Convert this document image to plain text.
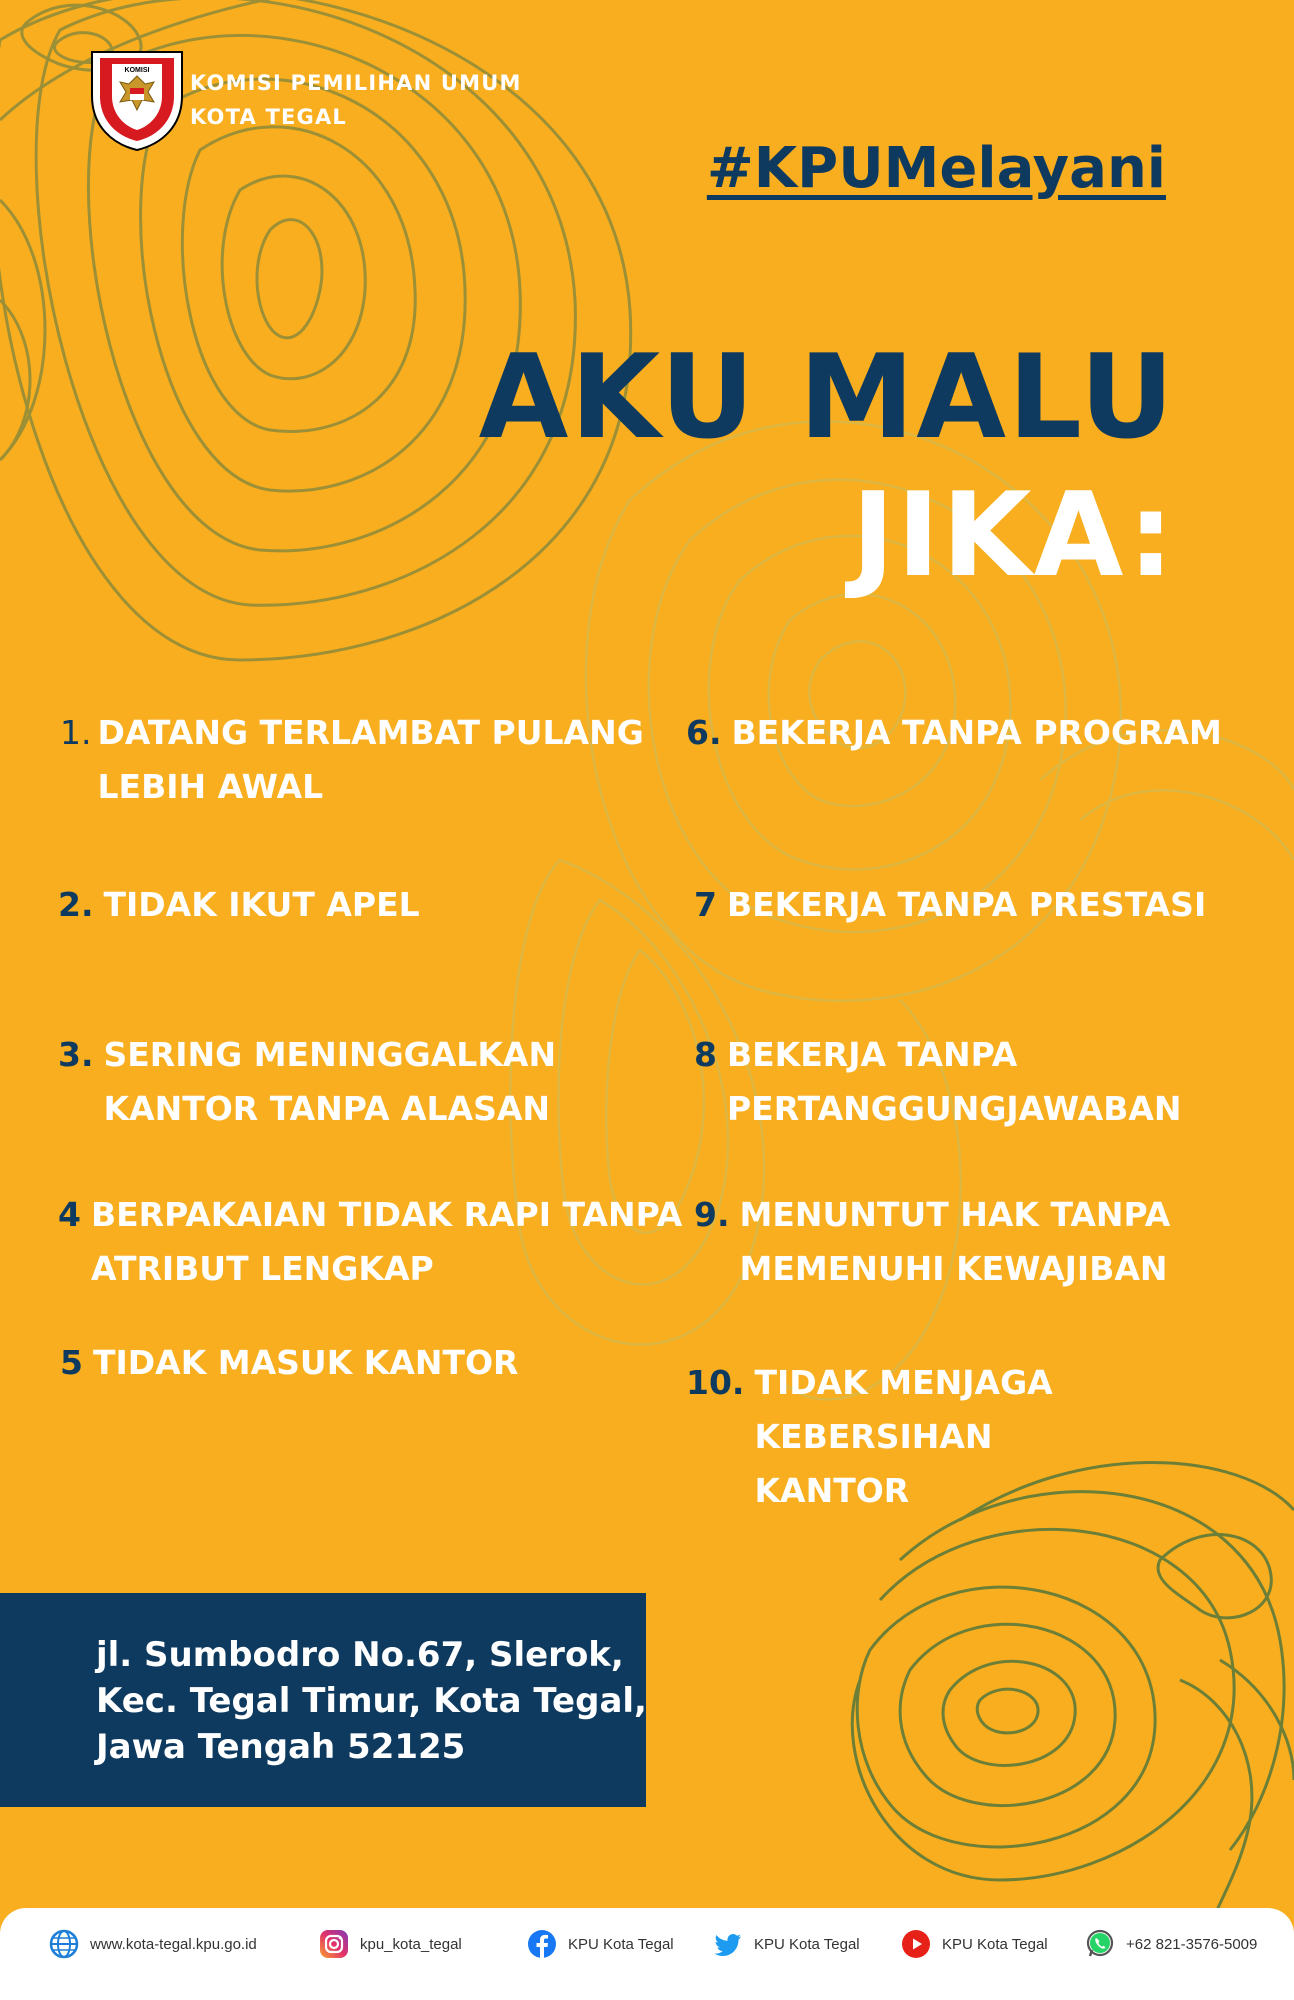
KOMISI
KOMISI PEMILIHAN UMUM
KOTA TEGAL
#KPUMelayani
AKU MALU
JIKA:
1. DATANG TERLAMBAT PULANG
LEBIH AWAL
2. TIDAK IKUT APEL
3. SERING MENINGGALKAN
KANTOR TANPA ALASAN
4 BERPAKAIAN TIDAK RAPI TANPA
ATRIBUT LENGKAP
5 TIDAK MASUK KANTOR
6. BEKERJA TANPA PROGRAM
7 BEKERJA TANPA PRESTASI
8 BEKERJA TANPA
PERTANGGUNGJAWABAN
9. MENUNTUT HAK TANPA
MEMENUHI KEWAJIBAN
10. TIDAK MENJAGA KEBERSIHAN
KANTOR
jl. Sumbodro No.67, Slerok,
Kec. Tegal Timur, Kota Tegal,
Jawa Tengah 52125
www.kota-tegal.kpu.go.id	kpu_kota_tegal	KPU Kota Tegal	KPU Kota Tegal	KPU Kota Tegal	+62 821-3576-5009
